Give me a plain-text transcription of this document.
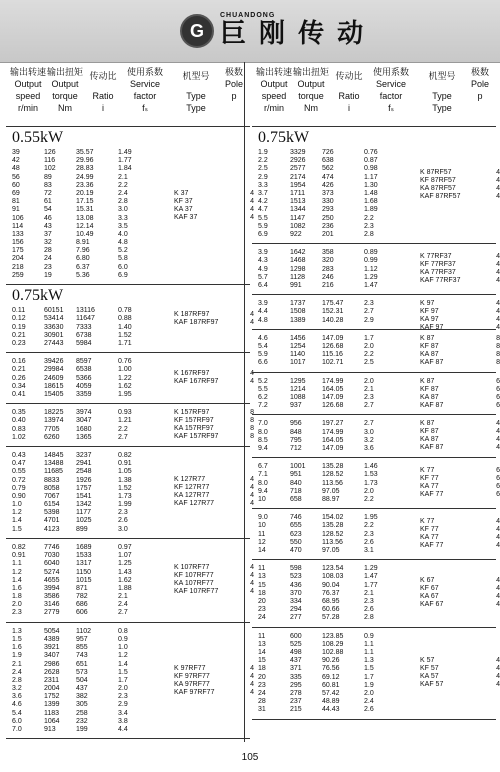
G 巨 刚 传 动
CHUANDONG
输出转速
Output
speed
r/min
输出扭矩
Output
torque
Nm
传动比
Ratio
i
使用系数
Service
factor
fₛ
机型号
Type
Type
极数
Pole
p
0.55kW
39	126	35.57	1.49
42	116	29.96	1.77
48	102	28.83	1.84
56	89	24.99	2.1
60	83	23.36	2.2
69	72	20.19	2.4
81	61	17.15	2.8
91	54	15.31	3.0
106	46	13.08	3.3
114	43	12.14	3.5
133	37	10.49	4.0
156	32	8.91	4.8
175	28	7.96	5.2
204	24	6.80	5.8
218	23	6.37	6.0
259	19	5.36	6.9
K 37	4
KF 37	4
KA 37	4
KAF 37	4
0.75kW
0.11	60151	13116	0.78
0.12	53414	11647	0.88
0.19	33630	7333	1.40
0.21	30901	6738	1.52
0.23	27443	5984	1.71
K 187RF97	4
KAF 187RF97	4
0.16	39426	8597	0.76
0.21	29984	6538	1.00
0.26	24609	5366	1.22
0.34	18615	4059	1.62
0.41	15405	3359	1.95
K 167RF97	4
KAF 167RF97	4
0.35	18225	3974	0.93
0.40	13974	3047	1.21
0.83	7705	1680	2.2
1.02	6260	1365	2.7
K 157RF97	8
KF 157RF97	8
KA 157RF97	8
KAF 157RF97	8
0.43	14845	3237	0.82
0.47	13488	2941	0.91
0.55	11685	2548	1.05
0.72	8833	1926	1.38
0.79	8058	1757	1.52
0.90	7067	1541	1.73
1.0	6154	1342	1.99
1.2	5398	1177	2.3
1.4	4701	1025	2.6
1.5	4123	899	3.0
K 127R77	4
KF 127R77	4
KA 127R77	4
KAF 127R77	4
0.82	7746	1689	0.97
0.91	7030	1533	1.07
1.1	6040	1317	1.25
1.2	5274	1150	1.43
1.4	4655	1015	1.62
1.6	3994	871	1.88
1.8	3586	782	2.1
2.0	3146	686	2.4
2.3	2779	606	2.7
K 107RF77	4
KF 107RF77	4
KA 107RF77	4
KAF 107RF77	4
1.3	5054	1102	0.8
1.5	4389	957	0.9
1.6	3921	855	1.0
1.9	3407	743	1.2
2.1	2986	651	1.4
2.4	2628	573	1.5
2.8	2311	504	1.7
3.2	2004	437	2.0
3.6	1752	382	2.3
4.6	1399	305	2.9
5.4	1183	258	3.4
6.0	1064	232	3.8
7.0	913	199	4.4
K 97RF77	4
KF 97RF77	4
KA 97RF77	4
KAF 97RF77	4
输出转速
Output
speed
r/min
输出扭矩
Output
torque
Nm
传动比
Ratio
i
使用系数
Service
factor
fₛ
机型号
Type
Type
极数
Pole
p
0.75kW
1.9	3329	726	0.76
2.2	2926	638	0.87
2.5	2577	562	0.98
2.9	2174	474	1.17
3.3	1954	426	1.30
3.7	1711	373	1.48
4.2	1513	330	1.68
4.7	1344	293	1.89
5.5	1147	250	2.2
5.9	1082	236	2.3
6.9	922	201	2.8
K 87RF57	4
KF 87RF57	4
KA 87RF57	4
KAF 87RF57	4
3.9	1642	358	0.89
4.3	1468	320	0.99
4.9	1298	283	1.12
5.7	1128	246	1.29
6.4	991	216	1.47
K 77RF37	4
KF 77RF37	4
KA 77RF37	4
KAF 77RF37	4
3.9	1737	175.47	2.3
4.4	1508	152.31	2.7
4.8	1389	140.28	2.9
K 97	4
KF 97	4
KA 97	4
KAF 97	4
4.6	1456	147.09	1.7
5.4	1254	126.68	2.0
5.9	1140	115.16	2.2
6.6	1017	102.71	2.5
K 87	8
KF 87	8
KA 87	8
KAF 87	8
5.2	1295	174.99	2.0
5.5	1214	164.05	2.1
6.2	1088	147.09	2.3
7.2	937	126.68	2.7
K 87	6
KF 87	6
KA 87	6
KAF 87	6
7.0	956	197.27	2.7
8.0	848	174.99	3.0
8.5	795	164.05	3.2
9.4	712	147.09	3.6
K 87	4
KF 87	4
KA 87	4
KAF 87	4
6.7	1001	135.28	1.46
7.1	951	128.52	1.53
8.0	840	113.56	1.73
9.4	718	97.05	2.0
10	658	88.97	2.2
K 77	6
KF 77	6
KA 77	6
KAF 77	6
9.0	746	154.02	1.95
10	655	135.28	2.2
11	623	128.52	2.3
12	550	113.56	2.6
14	470	97.05	3.1
K 77	4
KF 77	4
KA 77	4
KAF 77	4
11	598	123.54	1.29
13	523	108.03	1.47
15	436	90.04	1.77
18	370	76.37	2.1
20	334	68.95	2.3
23	294	60.66	2.6
24	277	57.28	2.8
K 67	4
KF 67	4
KA 67	4
KAF 67	4
11	600	123.85	0.9
13	525	108.29	1.1
14	498	102.88	1.1
15	437	90.26	1.3
18	371	76.56	1.5
20	335	69.12	1.7
23	295	60.81	1.9
24	278	57.42	2.0
28	237	48.89	2.4
31	215	44.43	2.6
K 57	4
KF 57	4
KA 57	4
KAF 57	4
105
